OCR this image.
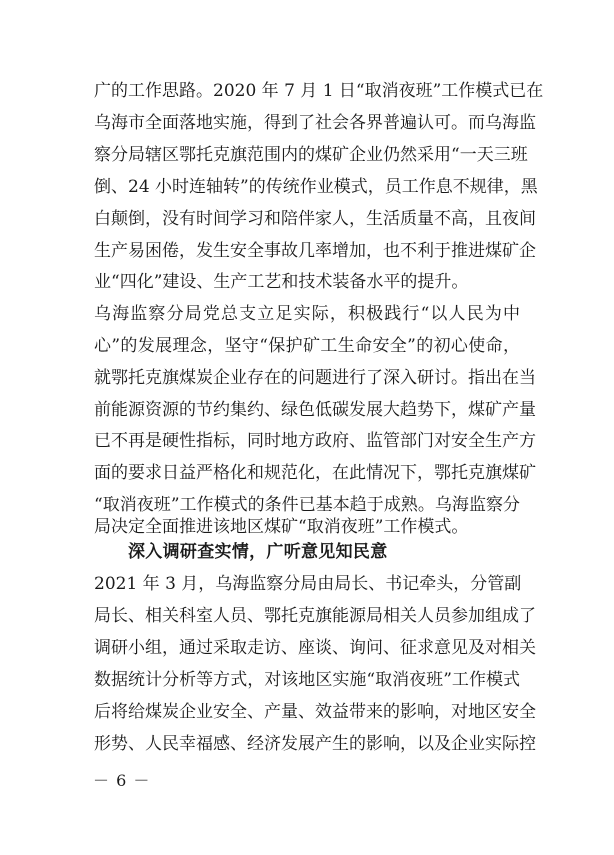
广的工作思路。2020 年 7 月 1 日“取消夜班”工作模式已在
乌海市全面落地实施，得到了社会各界普遍认可。而乌海监
察分局辖区鄂托克旗范围内的煤矿企业仍然采用“一天三班
倒、24 小时连轴转”的传统作业模式，员工作息不规律，黑
白颠倒，没有时间学习和陪伴家人，生活质量不高，且夜间
生产易困倦，发生安全事故几率增加，也不利于推进煤矿企
业“四化”建设、生产工艺和技术装备水平的提升。
乌海监察分局党总支立足实际，积极践行“以人民为中
心”的发展理念，坚守“保护矿工生命安全”的初心使命，
就鄂托克旗煤炭企业存在的问题进行了深入研讨。指出在当
前能源资源的节约集约、绿色低碳发展大趋势下，煤矿产量
已不再是硬性指标，同时地方政府、监管部门对安全生产方
面的要求日益严格化和规范化，在此情况下，鄂托克旗煤矿
“取消夜班”工作模式的条件已基本趋于成熟。乌海监察分
局决定全面推进该地区煤矿“取消夜班”工作模式。
深入调研查实情，广听意见知民意
2021 年 3 月，乌海监察分局由局长、书记牵头，分管副
局长、相关科室人员、鄂托克旗能源局相关人员参加组成了
调研小组，通过采取走访、座谈、询问、征求意见及对相关
数据统计分析等方式，对该地区实施“取消夜班”工作模式
后将给煤炭企业安全、产量、效益带来的影响，对地区安全
形势、人民幸福感、经济发展产生的影响，以及企业实际控
－ 6 －
